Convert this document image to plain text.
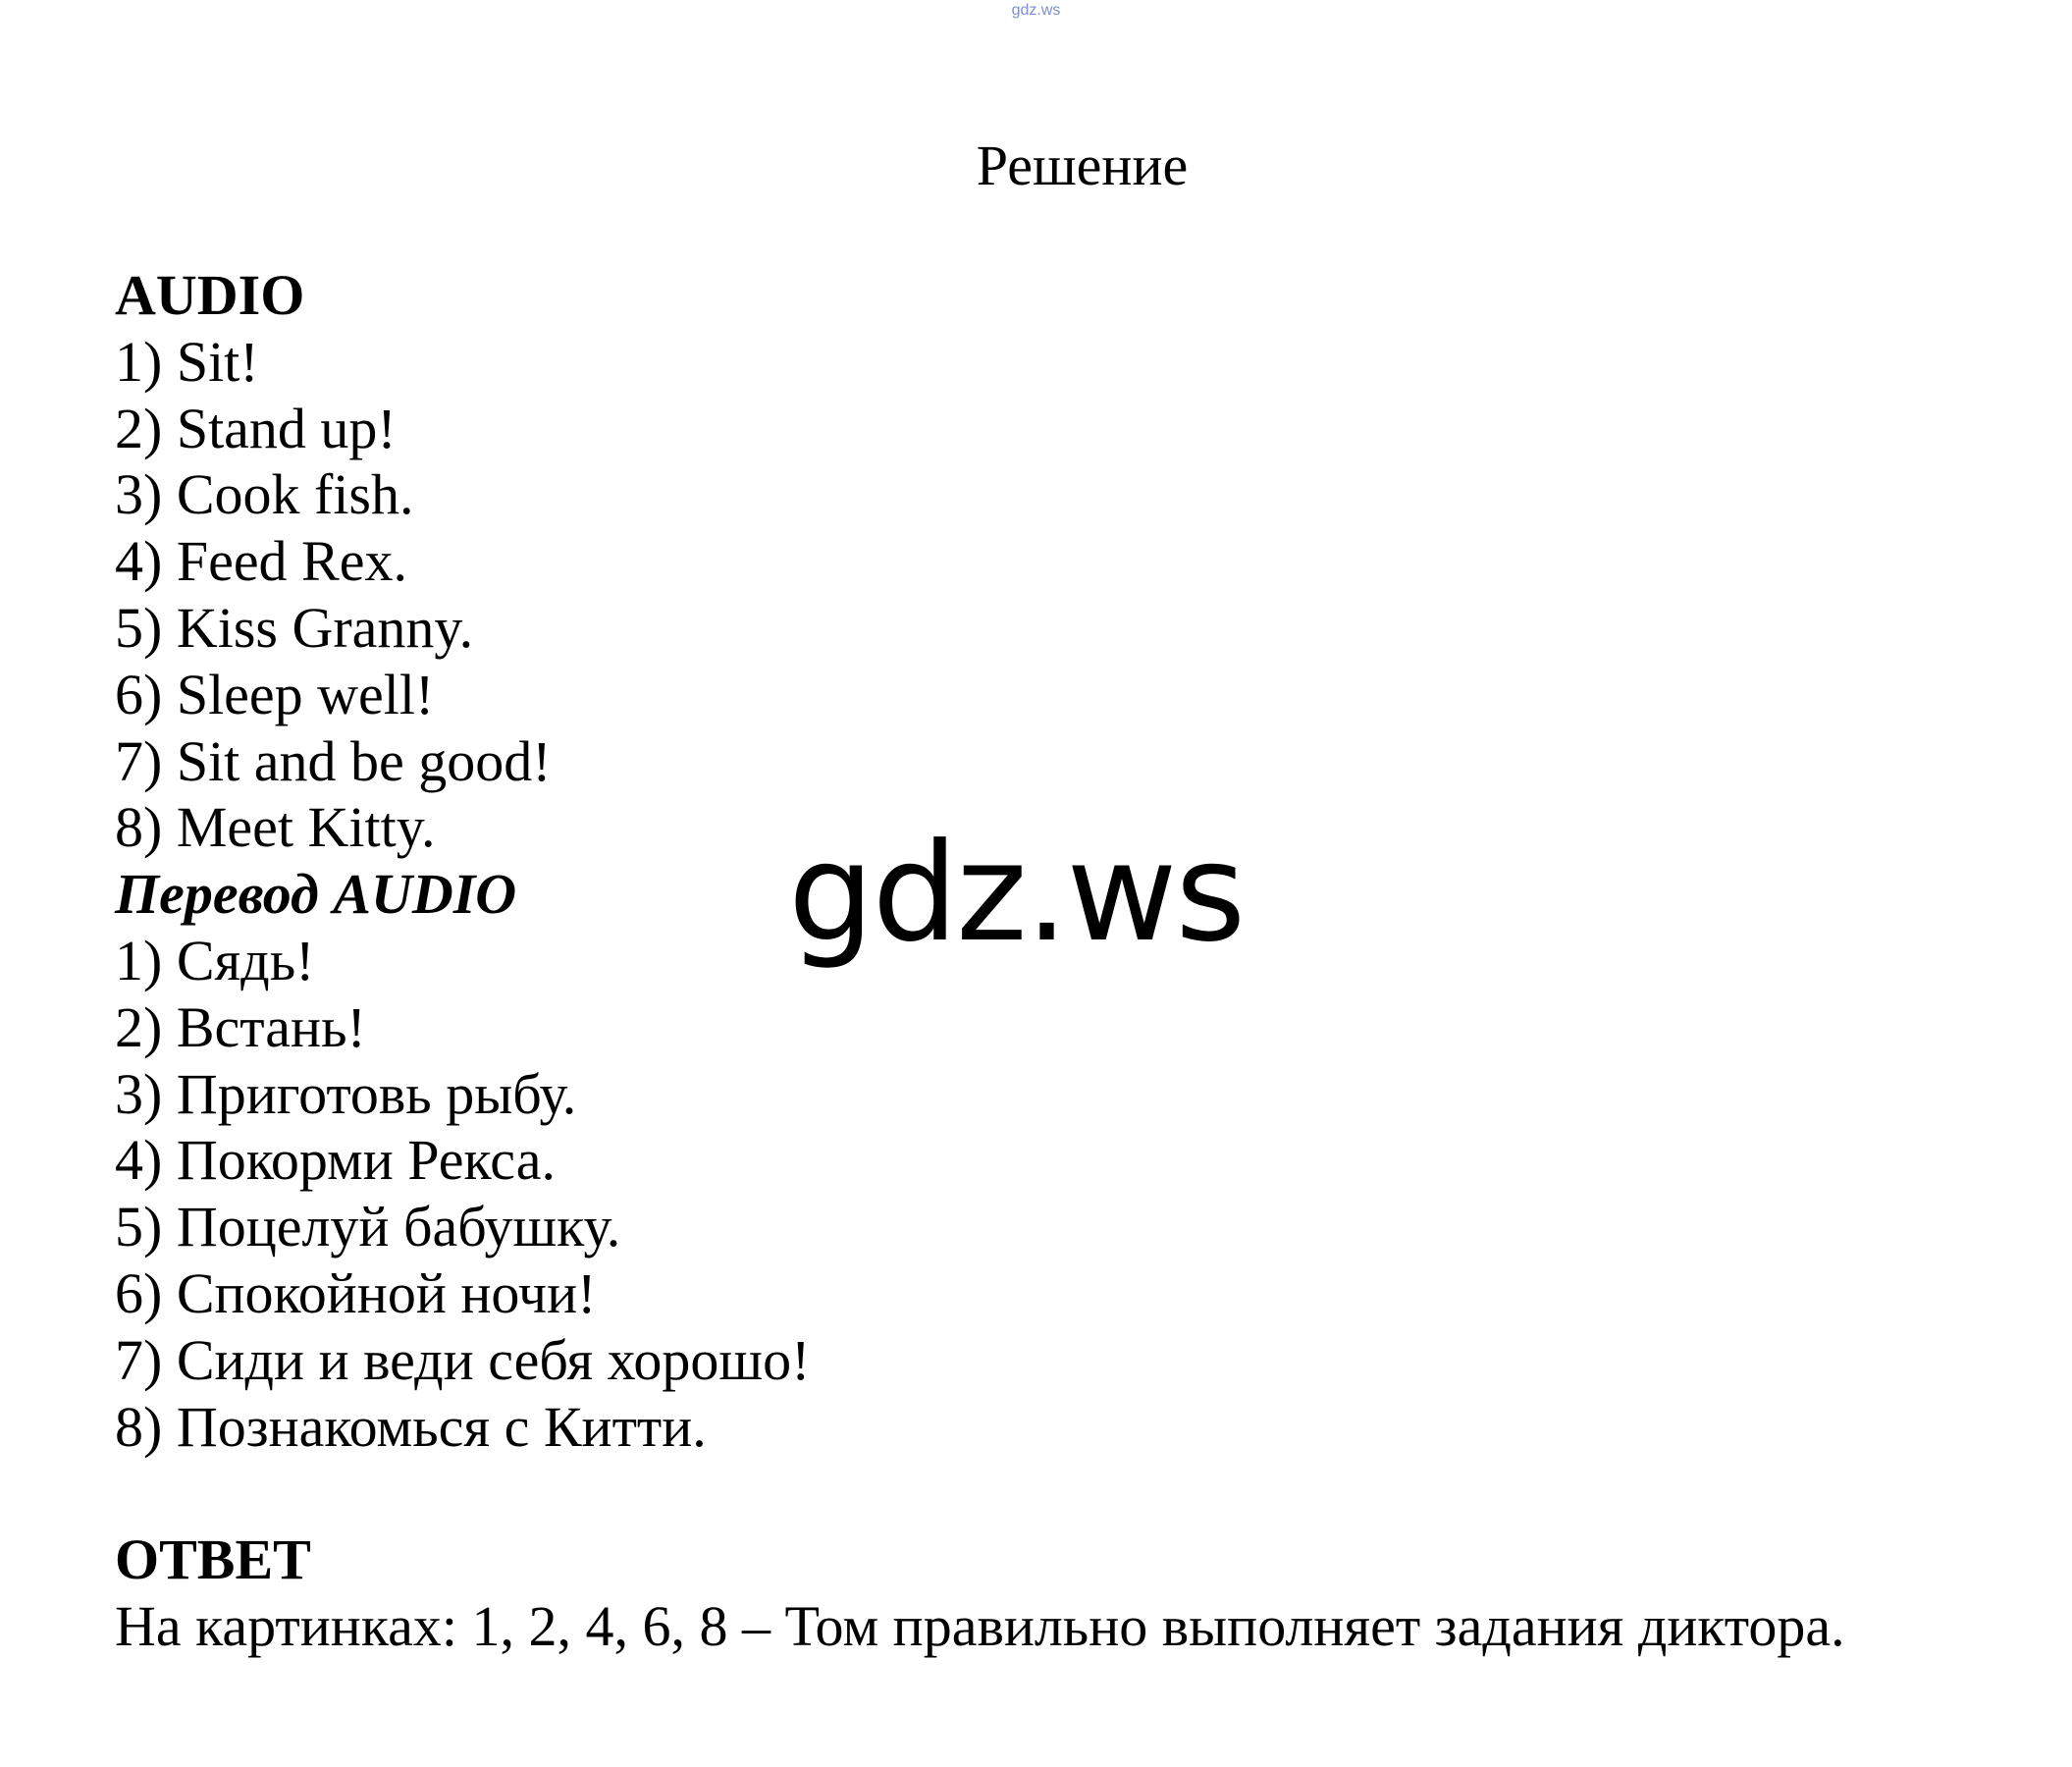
gdz.ws
Решение
AUDIO
1) Sit!
2) Stand up!
3) Cook fish.
4) Feed Rex.
5) Kiss Granny.
6) Sleep well!
7) Sit and be good!
8) Meet Kitty.
Перевод AUDIO
1) Сядь!
2) Встань!
3) Приготовь рыбу.
4) Покорми Рекса.
5) Поцелуй бабушку.
6) Спокойной ночи!
7) Сиди и веди себя хорошо!
8) Познакомься с Китти.
ОТВЕТ
На картинках: 1, 2, 4, 6, 8 – Том правильно выполняет задания диктора.
gdz.ws
